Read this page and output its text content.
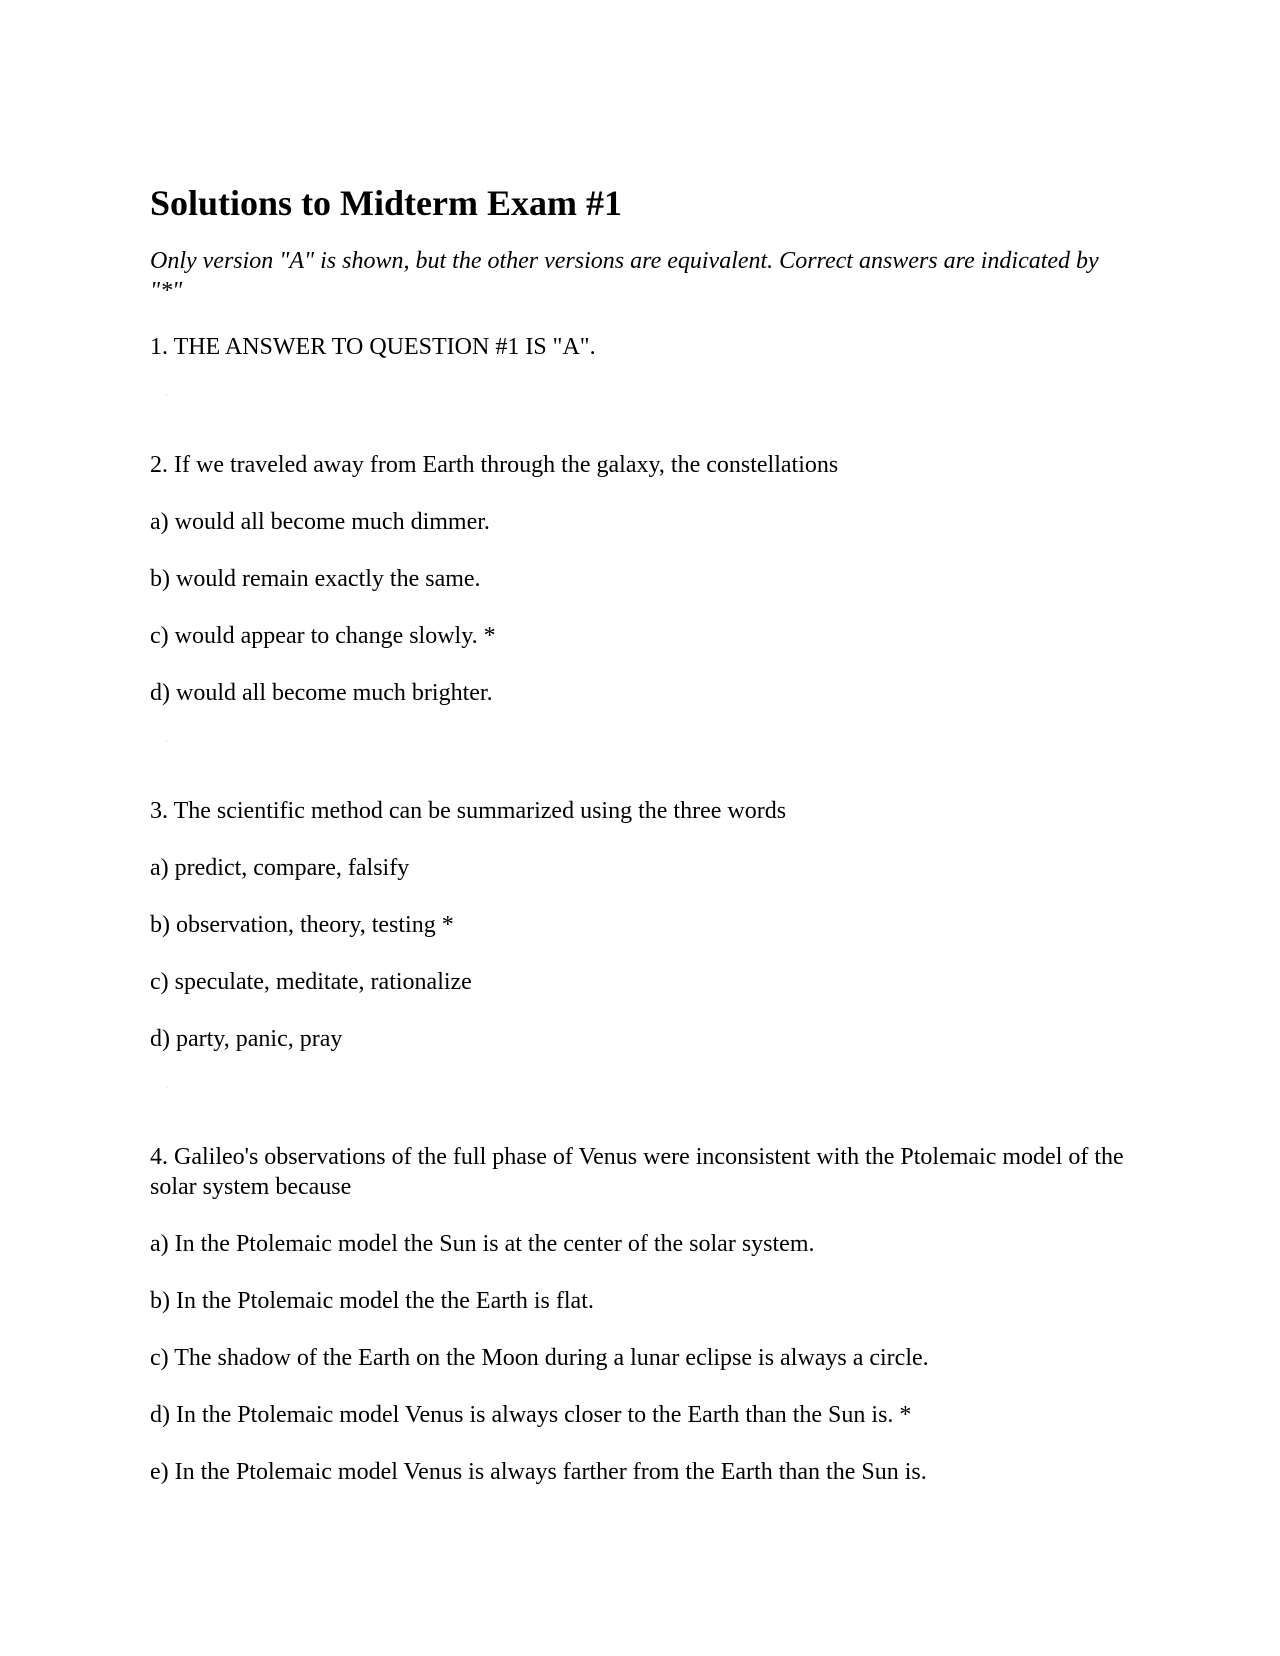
Solutions to Midterm Exam #1

Only version "A" is shown, but the other versions are equivalent. Correct answers are indicated by "*"

1. THE ANSWER TO QUESTION #1 IS "A".

2. If we traveled away from Earth through the galaxy, the constellations

a) would all become much dimmer.

b) would remain exactly the same.

c) would appear to change slowly. *

d) would all become much brighter.

3. The scientific method can be summarized using the three words

a) predict, compare, falsify

b) observation, theory, testing *

c) speculate, meditate, rationalize

d) party, panic, pray

4. Galileo's observations of the full phase of Venus were inconsistent with the Ptolemaic model of the solar system because

a) In the Ptolemaic model the Sun is at the center of the solar system.

b) In the Ptolemaic model the the Earth is flat.

c) The shadow of the Earth on the Moon during a lunar eclipse is always a circle.

d) In the Ptolemaic model Venus is always closer to the Earth than the Sun is. *

e) In the Ptolemaic model Venus is always farther from the Earth than the Sun is.
